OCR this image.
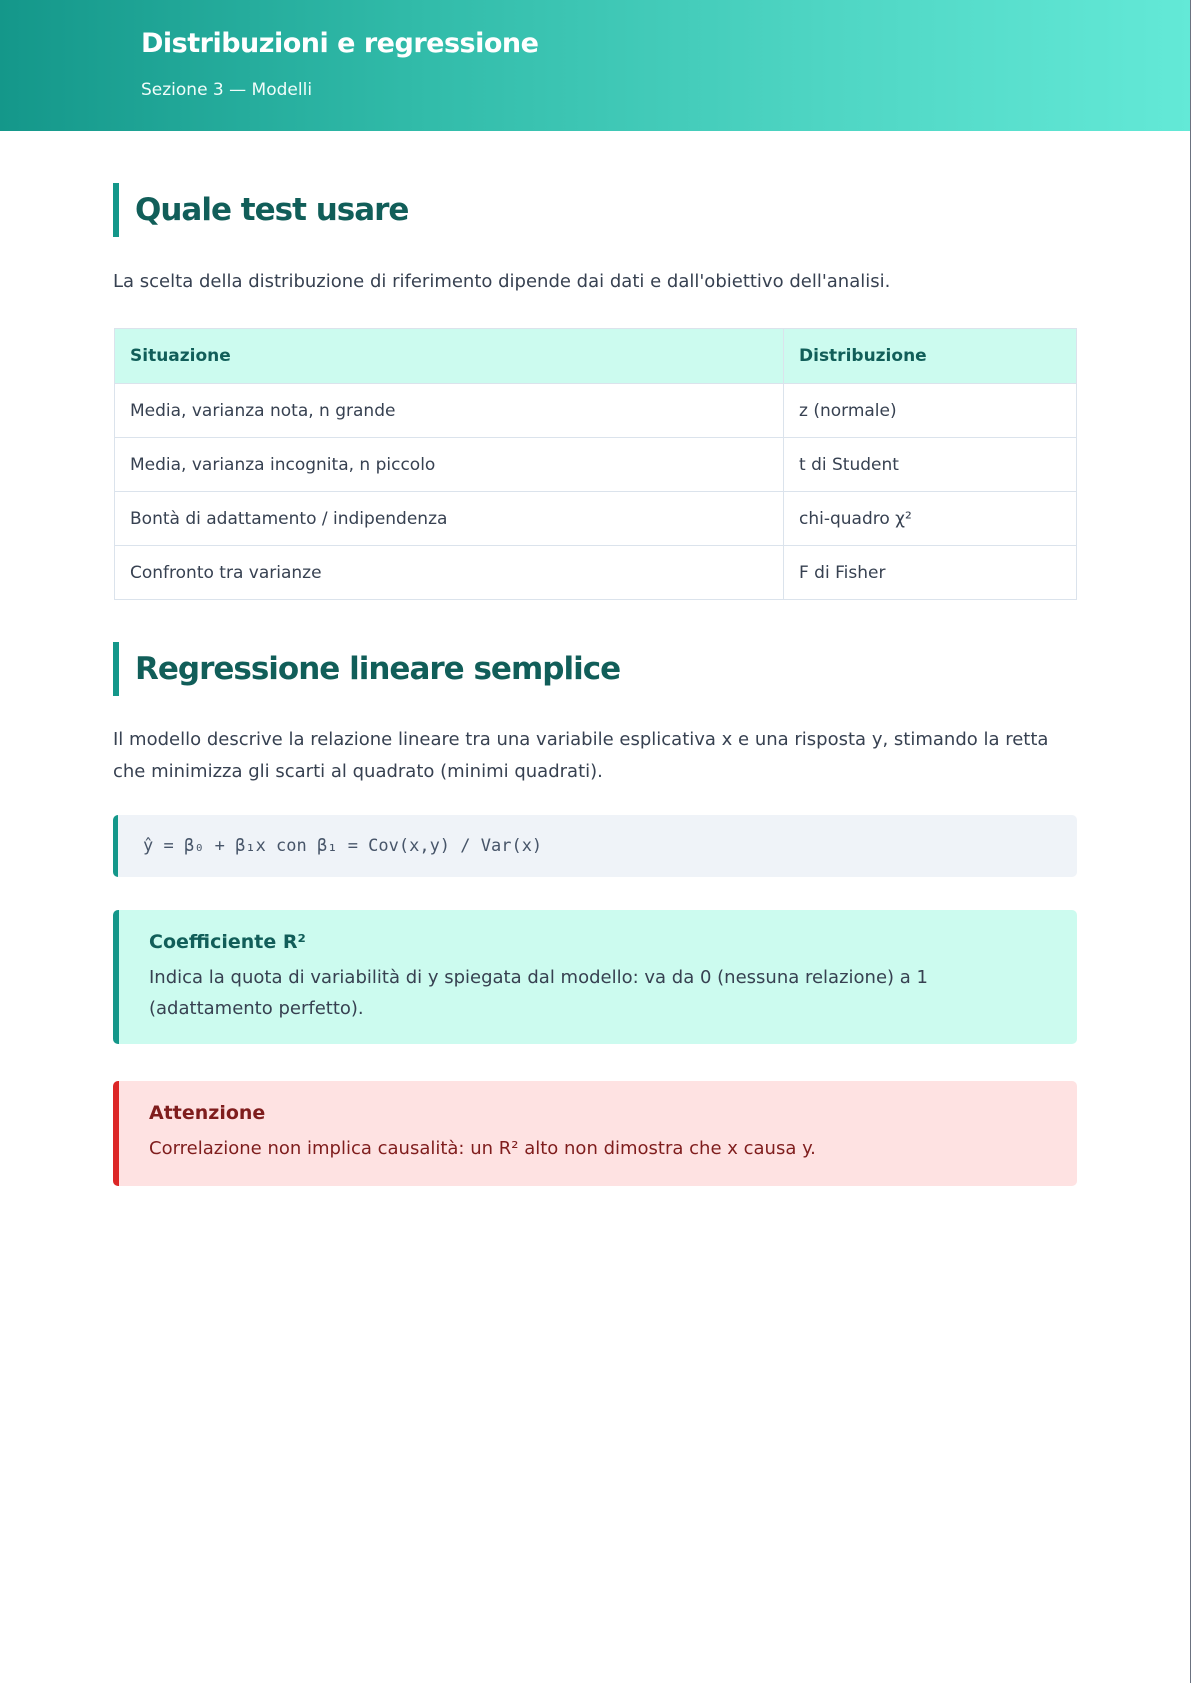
Distribuzioni e regressione

Sezione 3 — Modelli

Quale test usare

La scelta della distribuzione di riferimento dipende dai dati e dall'obiettivo dell'analisi.

Situazione	Distribuzione
Media, varianza nota, n grande	z (normale)
Media, varianza incognita, n piccolo	t di Student
Bontà di adattamento / indipendenza	chi-quadro χ²
Confronto tra varianze	F di Fisher
Regressione lineare semplice

Il modello descrive la relazione lineare tra una variabile esplicativa x e una risposta y, stimando la retta che minimizza gli scarti al quadrato (minimi quadrati).

ŷ = β₀ + β₁x con β₁ = Cov(x,y) / Var(x)

Coefficiente R²

Indica la quota di variabilità di y spiegata dal modello: va da 0 (nessuna relazione) a 1 (adattamento perfetto).

Attenzione

Correlazione non implica causalità: un R² alto non dimostra che x causa y.
